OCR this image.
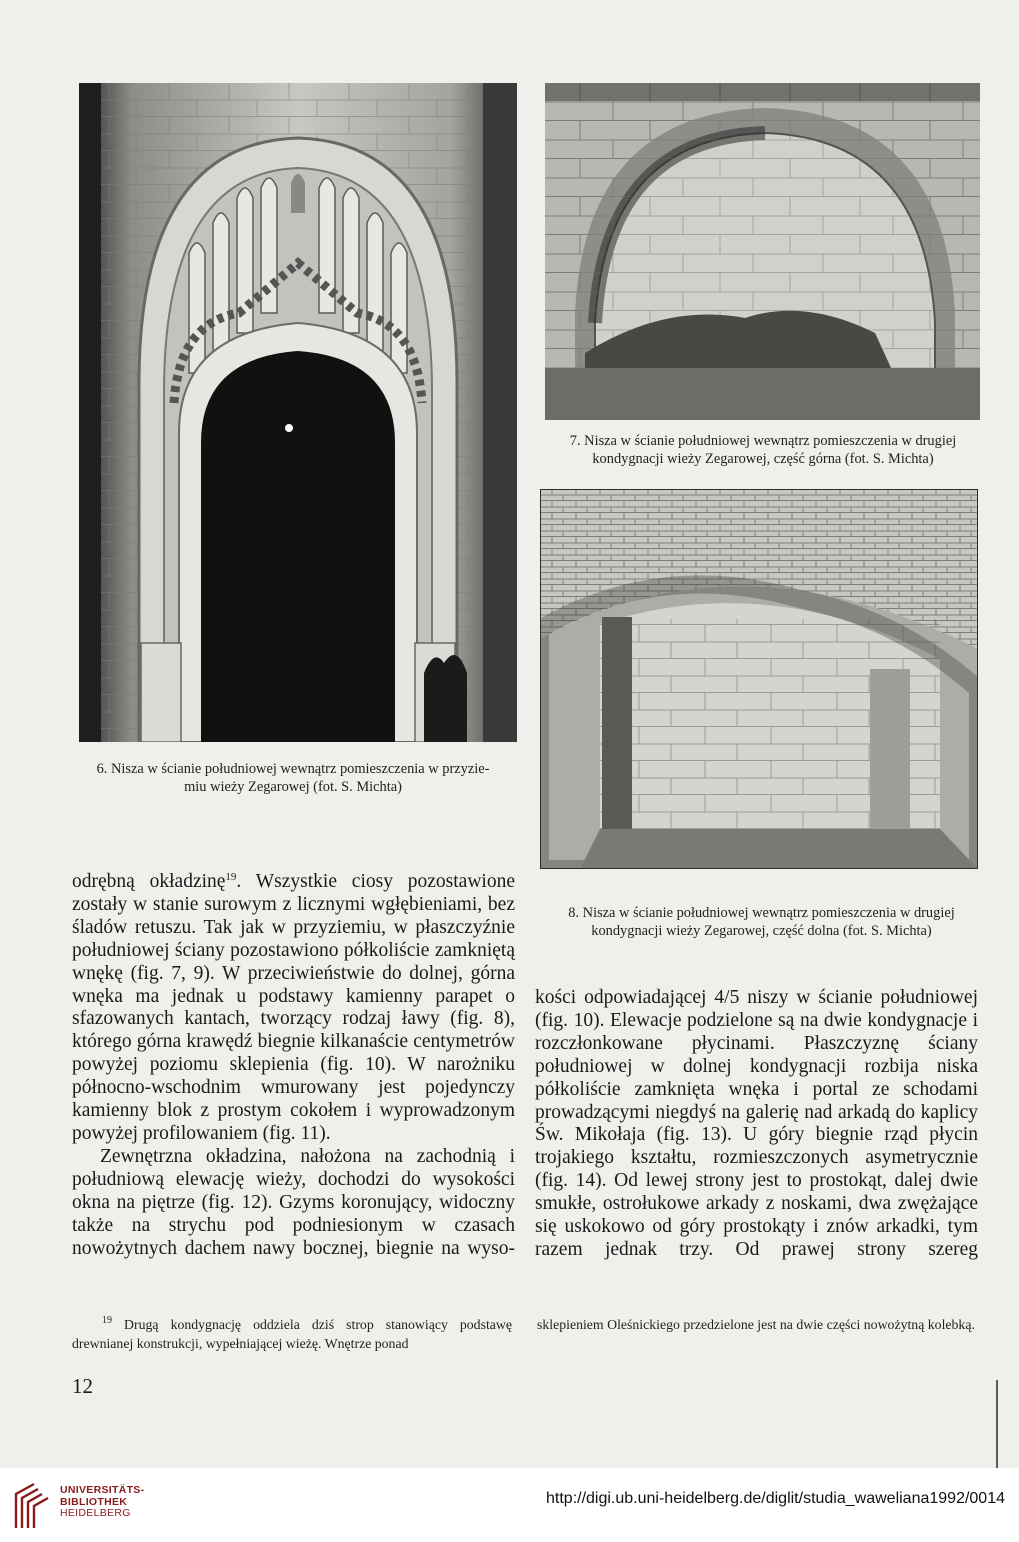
6. Nisza w ścianie południowej wewnątrz pomieszczenia w przyzie-
miu wieży Zegarowej (fot. S. Michta)
7. Nisza w ścianie południowej wewnątrz pomieszczenia w drugiej
kondygnacji wieży Zegarowej, część górna (fot. S. Michta)
8. Nisza w ścianie południowej wewnątrz pomieszczenia w drugiej
kondygnacji wieży Zegarowej, część dolna (fot. S. Michta)

odrębną okładzinę$^{19}$. Wszystkie ciosy pozostawione zostały w stanie surowym z licznymi wgłębieniami, bez śladów retuszu. Tak jak w przyziemiu, w płaszczyźnie południowej ściany pozostawiono półkoliście zamkniętą wnękę (fig. 7, 9). W przeciwieństwie do dolnej, górna wnęka ma jednak u podstawy kamienny parapet o sfazowanych kantach, tworzący rodzaj ławy (fig. 8), którego górna krawędź biegnie kilkanaście centymetrów powyżej poziomu sklepienia (fig. 10). W narożniku północno-wschodnim wmurowany jest pojedynczy kamienny blok z prostym cokołem i wyprowadzonym powyżej profilowaniem (fig. 11).

Zewnętrzna okładzina, nałożona na zachodnią i południową elewację wieży, dochodzi do wysokości okna na piętrze (fig. 12). Gzyms koronujący, widoczny także na strychu pod podniesionym w czasach nowożytnych dachem nawy bocznej, biegnie na wyso-

kości odpowiadającej 4/5 niszy w ścianie południowej (fig. 10). Elewacje podzielone są na dwie kondygnacje i rozczłonkowane płycinami. Płaszczyznę ściany południowej w dolnej kondygnacji rozbija niska półkoliście zamknięta wnęka i portal ze schodami prowadzącymi niegdyś na galerię nad arkadą do kaplicy Św. Mikołaja (fig. 13). U góry biegnie rząd płycin trojakiego kształtu, rozmieszczonych asymetrycznie (fig. 14). Od lewej strony jest to prostokąt, dalej dwie smukłe, ostrołukowe arkady z noskami, dwa zwężające się uskokowo od góry prostokąty i znów arkadki, tym razem jednak trzy. Od prawej strony szereg

$^{19}$ Drugą kondygnację oddziela dziś strop stanowiący podstawę drewnianej konstrukcji, wypełniającej wieżę. Wnętrze ponad
sklepieniem Oleśnickiego przedzielone jest na dwie części nowożytną kolebką.
12
UNIVERSITÄTS-
BIBLIOTHEK
HEIDELBERG
http://digi.ub.uni-heidelberg.de/diglit/studia_waweliana1992/0014
